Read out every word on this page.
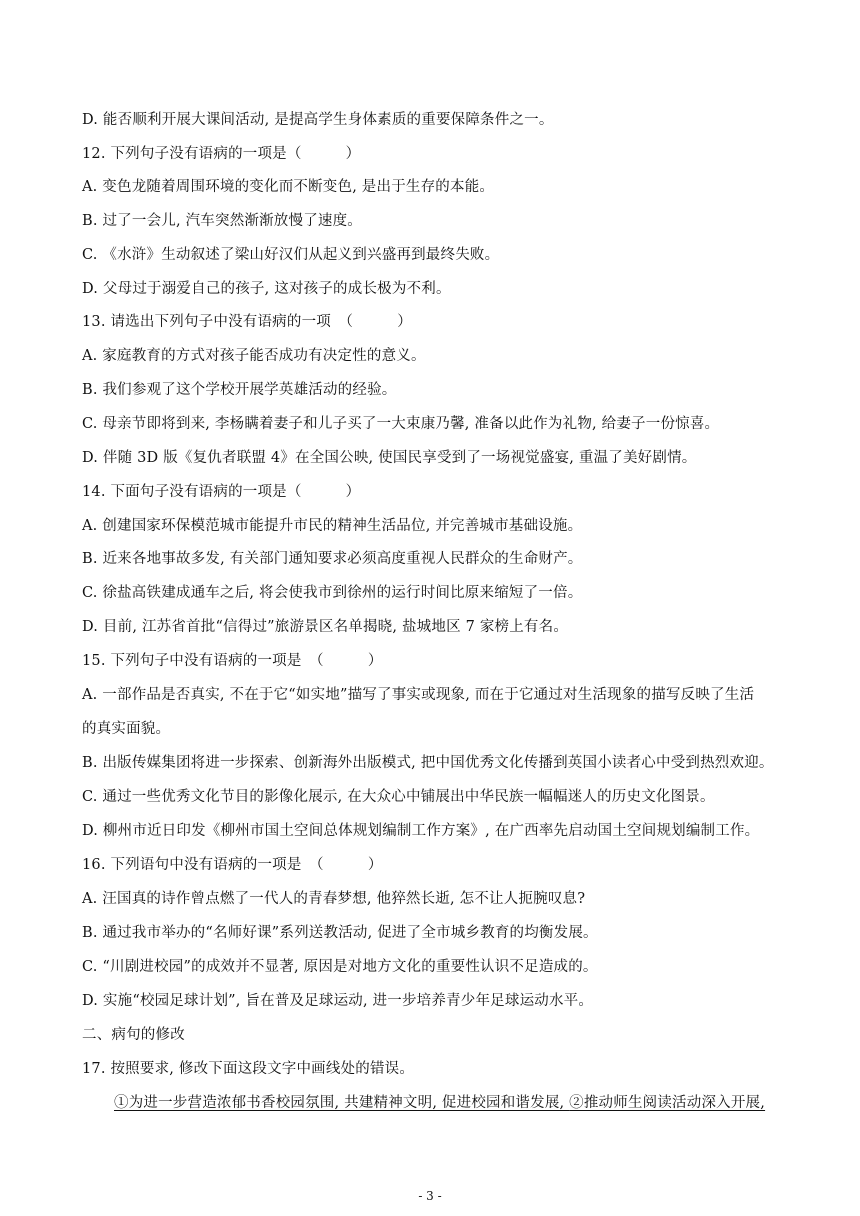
D. 能否顺利开展大课间活动, 是提高学生身体素质的重要保障条件之一。
12. 下列句子没有语病的一项是（　　　）
A. 变色龙随着周围环境的变化而不断变色, 是出于生存的本能。
B. 过了一会儿, 汽车突然渐渐放慢了速度。
C. 《水浒》生动叙述了梁山好汉们从起义到兴盛再到最终失败。
D. 父母过于溺爱自己的孩子, 这对孩子的成长极为不利。
13. 请选出下列句子中没有语病的一项　（　　　）
A. 家庭教育的方式对孩子能否成功有决定性的意义。
B. 我们参观了这个学校开展学英雄活动的经验。
C. 母亲节即将到来, 李杨瞒着妻子和儿子买了一大束康乃馨, 准备以此作为礼物, 给妻子一份惊喜。
D. 伴随 3D 版《复仇者联盟 4》在全国公映, 使国民享受到了一场视觉盛宴, 重温了美好剧情。
14. 下面句子没有语病的一项是（　　　）
A. 创建国家环保模范城市能提升市民的精神生活品位, 并完善城市基础设施。
B. 近来各地事故多发, 有关部门通知要求必须高度重视人民群众的生命财产。
C. 徐盐高铁建成通车之后, 将会使我市到徐州的运行时间比原来缩短了一倍。
D. 目前, 江苏省首批“信得过”旅游景区名单揭晓, 盐城地区 7 家榜上有名。
15. 下列句子中没有语病的一项是　（　　　）
A. 一部作品是否真实, 不在于它“如实地”描写了事实或现象, 而在于它通过对生活现象的描写反映了生活
的真实面貌。
B. 出版传媒集团将进一步探索、创新海外出版模式, 把中国优秀文化传播到英国小读者心中受到热烈欢迎。
C. 通过一些优秀文化节目的影像化展示, 在大众心中铺展出中华民族一幅幅迷人的历史文化图景。
D. 柳州市近日印发《柳州市国土空间总体规划编制工作方案》, 在广西率先启动国土空间规划编制工作。
16. 下列语句中没有语病的一项是　（　　　）
A. 汪国真的诗作曾点燃了一代人的青春梦想, 他猝然长逝, 怎不让人扼腕叹息?
B. 通过我市举办的“名师好课”系列送教活动, 促进了全市城乡教育的均衡发展。
C. “川剧进校园”的成效并不显著, 原因是对地方文化的重要性认识不足造成的。
D. 实施“校园足球计划”, 旨在普及足球运动, 进一步培养青少年足球运动水平。
二、病句的修改
17. 按照要求, 修改下面这段文字中画线处的错误。
①为进一步营造浓郁书香校园氛围, 共建精神文明, 促进校园和谐发展, ②推动师生阅读活动深入开展,
- 3 -
